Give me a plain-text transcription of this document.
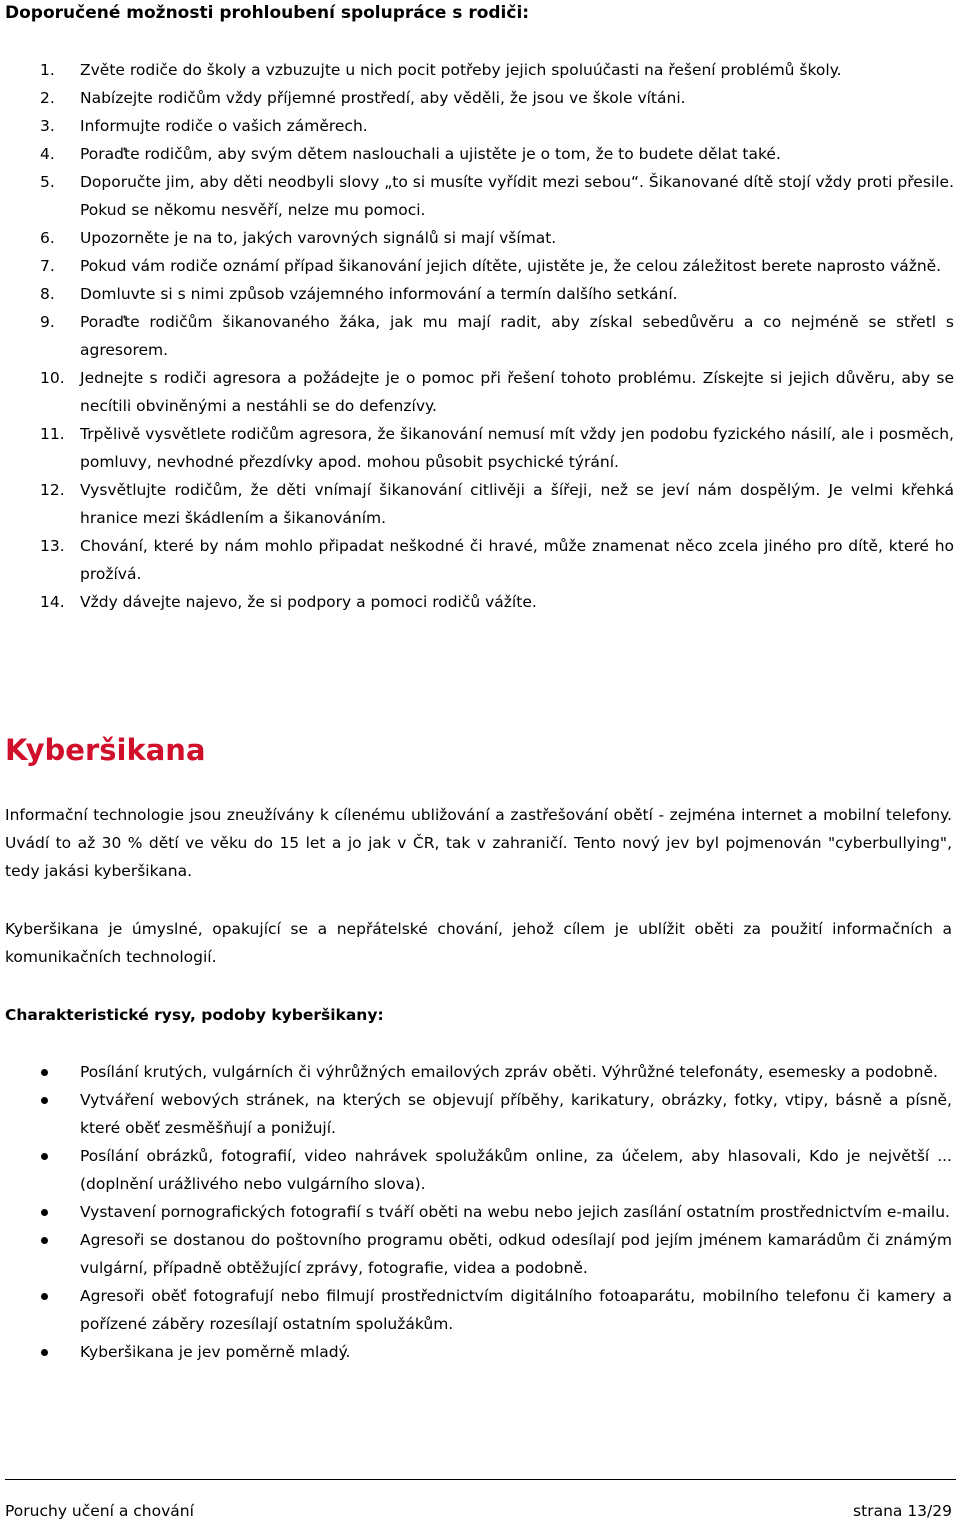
Doporučené možnosti prohloubení spolupráce s rodiči:
1. Zvěte rodiče do školy a vzbuzujte u nich pocit potřeby jejich spoluúčasti na řešení problémů školy.
2. Nabízejte rodičům vždy příjemné prostředí, aby věděli, že jsou ve škole vítáni.
3. Informujte rodiče o vašich záměrech.
4. Poraďte rodičům, aby svým dětem naslouchali a ujistěte je o tom, že to budete dělat také.
5. Doporučte jim, aby děti neodbyli slovy „to si musíte vyřídit mezi sebou“. Šikanované dítě stojí vždy proti přesile. Pokud se někomu nesvěří, nelze mu pomoci.
6. Upozorněte je na to, jakých varovných signálů si mají všímat.
7. Pokud vám rodiče oznámí případ šikanování jejich dítěte, ujistěte je, že celou záležitost berete naprosto vážně.
8. Domluvte si s nimi způsob vzájemného informování a termín dalšího setkání.
9. Poraďte rodičům šikanovaného žáka, jak mu mají radit, aby získal sebedůvěru a co nejméně se střetl s agresorem.
10. Jednejte s rodiči agresora a požádejte je o pomoc při řešení tohoto problému. Získejte si jejich důvěru, aby se necítili obviněnými a nestáhli se do defenzívy.
11. Trpělivě vysvětlete rodičům agresora, že šikanování nemusí mít vždy jen podobu fyzického násilí, ale i posměch, pomluvy, nevhodné přezdívky apod. mohou působit psychické týrání.
12. Vysvětlujte rodičům, že děti vnímají šikanování citlivěji a šířeji, než se jeví nám dospělým. Je velmi křehká hranice mezi škádlením a šikanováním.
13. Chování, které by nám mohlo připadat neškodné či hravé, může znamenat něco zcela jiného pro dítě, které ho prožívá.
14. Vždy dávejte najevo, že si podpory a pomoci rodičů vážíte.
Kyberšikana

Informační technologie jsou zneužívány k cílenému ubližování a zastřešování obětí - zejména internet a mobilní telefony. Uvádí to až 30 % dětí ve věku do 15 let a jo jak v ČR, tak v zahraničí. Tento nový jev byl pojmenován "cyberbullying", tedy jakási kyberšikana.

Kyberšikana je úmyslné, opakující se a nepřátelské chování, jehož cílem je ublížit oběti za použití informačních a komunikačních technologií.

Charakteristické rysy, podoby kyberšikany:
Posílání krutých, vulgárních či výhrůžných emailových zpráv oběti. Výhrůžné telefonáty, esemesky a podobně.
Vytváření webových stránek, na kterých se objevují příběhy, karikatury, obrázky, fotky, vtipy, básně a písně, které oběť zesměšňují a ponižují.
Posílání obrázků, fotografií, video nahrávek spolužákům online, za účelem, aby hlasovali, Kdo je největší ... (doplnění urážlivého nebo vulgárního slova).
Vystavení pornografických fotografií s tváří oběti na webu nebo jejich zasílání ostatním prostřednictvím e-mailu.
Agresoři se dostanou do poštovního programu oběti, odkud odesílají pod jejím jménem kamarádům či známým vulgární, případně obtěžující zprávy, fotografie, videa a podobně.
Agresoři oběť fotografují nebo filmují prostřednictvím digitálního fotoaparátu, mobilního telefonu či kamery a pořízené záběry rozesílají ostatním spolužákům.
Kyberšikana je jev poměrně mladý.
Poruchy učení a chování	strana 13/29
